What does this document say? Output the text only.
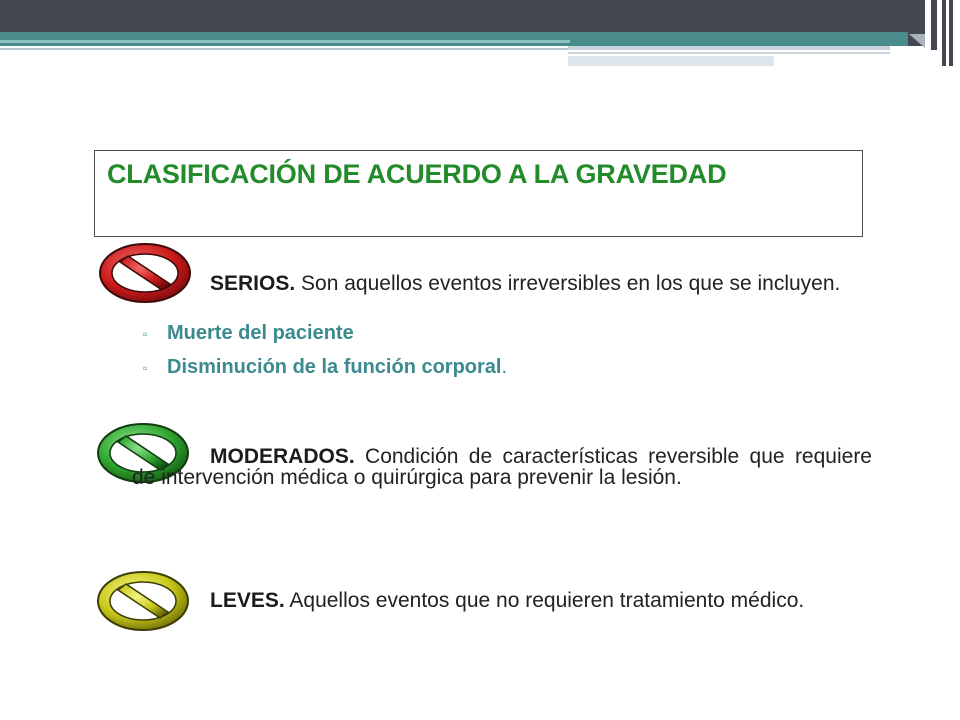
CLASIFICACIÓN DE ACUERDO A LA GRAVEDAD
SERIOS. Son aquellos eventos irreversibles en los que se incluyen.
▫ Muerte del paciente
▫ Disminución de la función corporal.
MODERADOS. Condición de características reversible que requiere de intervención médica o quirúrgica para prevenir la lesión.
LEVES. Aquellos eventos que no requieren tratamiento médico.
